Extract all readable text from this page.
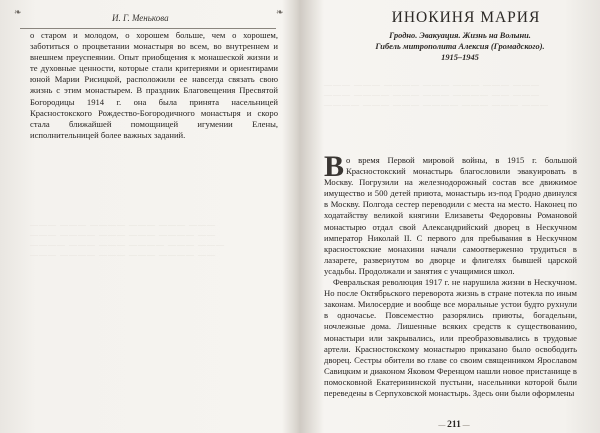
❧
И. Г. Менькова
❧

о старом и молодом, о хорошем больше, чем о хорошем, заботиться о процветании монастыря во всем, во внутреннем и внешнем преуспеянии. Опыт приобщения к монашеской жизни и те духовные ценности, которые стали критериями и ориентирами юной Марии Рисицкой, расположили ее навсегда связать свою жизнь с этим монастырем. В праздник Благовещения Пресвятой Богородицы 1914 г. она была принята насельницей Красностокского Рождество-Богородичного монастыря и скоро стала ближайшей помощницей игумении Елены, исполнительницей более важных заданий.

——— ——— ———— ——— ——— ———
——— ———— ——— ——— ———— ——
———— ——— ——— ———— ——— ———
——— ———— ——— ——— ———— ——
ИНОКИНЯ МАРИЯ
Гродно. Эвакуация. Жизнь на Волыни.
Гибель митрополита Алексия (Громадского).
1915–1945
——— ——— ———— ——— ——— ——— ———
——— ———— ——— ——— ———— —— ———
———— ——— ——— ———— ——— ——— ———

В о время Первой мировой войны, в 1915 г. большой Красностокский монастырь благословили эвакуировать в Москву. Погрузили на железнодорожный состав все движимое имущество и 500 детей приюта, монастырь из-под Гродно двинулся в Москву. Полгода сестер переводили с места на место. Наконец по ходатайству великой княгини Елизаветы Федоровны Романовой монастырю отдал свой Александрийский дворец в Нескучном император Николай II. С первого для пребывания в Нескучном красностокские монахини начали самоотверженно трудиться в лазарете, развернутом во дворце и флигелях бывшей царской усадьбы. Продолжали и занятия с учащимися школ.

Февральская революция 1917 г. не нарушила жизни в Нескучном. Но после Октябрьского переворота жизнь в стране потекла по иным законам. Милосердие и вообще все моральные устои будто рухнули в одночасье. Повсеместно разорялись приюты, богадельни, ночлежные дома. Лишенные всяких средств к существованию, монастыри или закрывались, или преобразовывались в трудовые артели. Красностокскому монастырю приказано было освободить дворец. Сестры обители во главе со своим священником Ярославом Савицким и диаконом Яковом Ференцом нашли новое пристанище в помосковной Екатерининской пустыни, насельники которой были переведены в Серпуховской монастырь. Здесь они были оформлены

— 211 —
